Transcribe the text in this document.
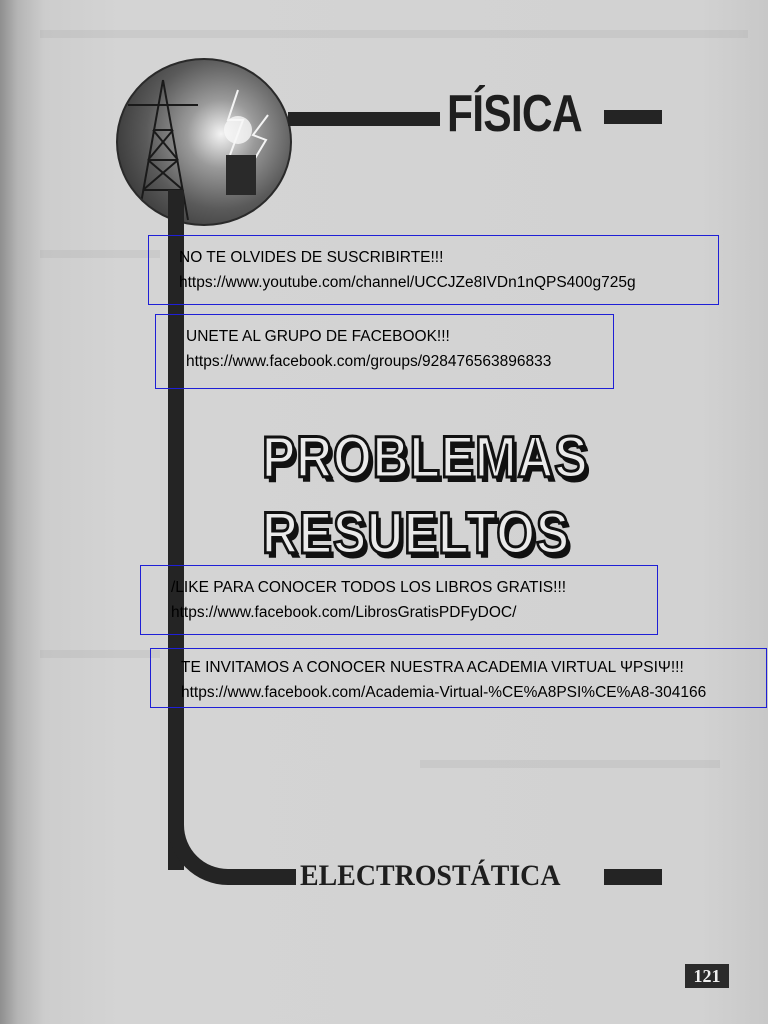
FÍSICA
PROBLEMAS
RESUELTOS
ELECTROSTÁTICA
121
NO TE OLVIDES DE SUSCRIBIRTE!!!
https://www.youtube.com/channel/UCCJZe8IVDn1nQPS400g725g
UNETE AL GRUPO DE FACEBOOK!!!
https://www.facebook.com/groups/928476563896833
/LIKE PARA CONOCER TODOS LOS LIBROS GRATIS!!!
https://www.facebook.com/LibrosGratisPDFyDOC/
TE INVITAMOS A CONOCER NUESTRA ACADEMIA VIRTUAL ΨPSIΨ!!!
https://www.facebook.com/Academia-Virtual-%CE%A8PSI%CE%A8-304166
